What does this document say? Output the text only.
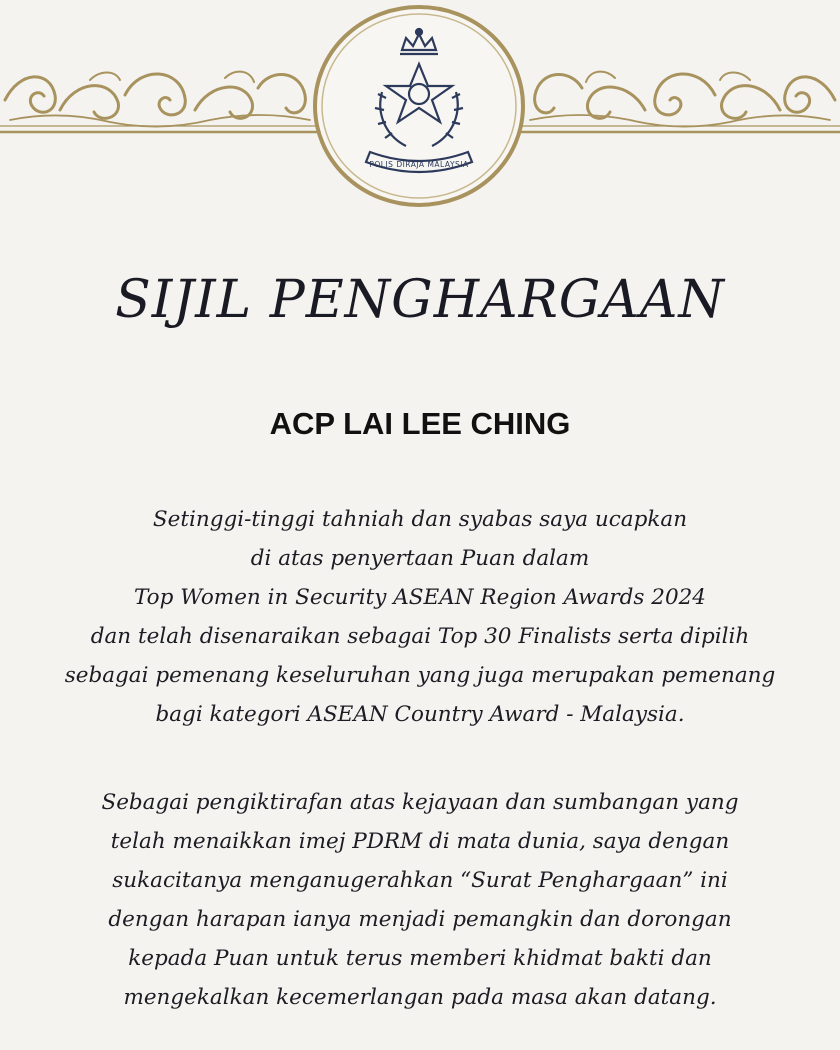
POLIS DIRAJA MALAYSIA
SIJIL PENGHARGAAN
ACP LAI LEE CHING
Setinggi-tinggi tahniah dan syabas saya ucapkan
di atas penyertaan Puan dalam
Top Women in Security ASEAN Region Awards 2024
dan telah disenaraikan sebagai Top 30 Finalists serta dipilih
sebagai pemenang keseluruhan yang juga merupakan pemenang
bagi kategori ASEAN Country Award - Malaysia.
Sebagai pengiktirafan atas kejayaan dan sumbangan yang
telah menaikkan imej PDRM di mata dunia, saya dengan
sukacitanya menganugerahkan “Surat Penghargaan” ini
dengan harapan ianya menjadi pemangkin dan dorongan
kepada Puan untuk terus memberi khidmat bakti dan
mengekalkan kecemerlangan pada masa akan datang.
